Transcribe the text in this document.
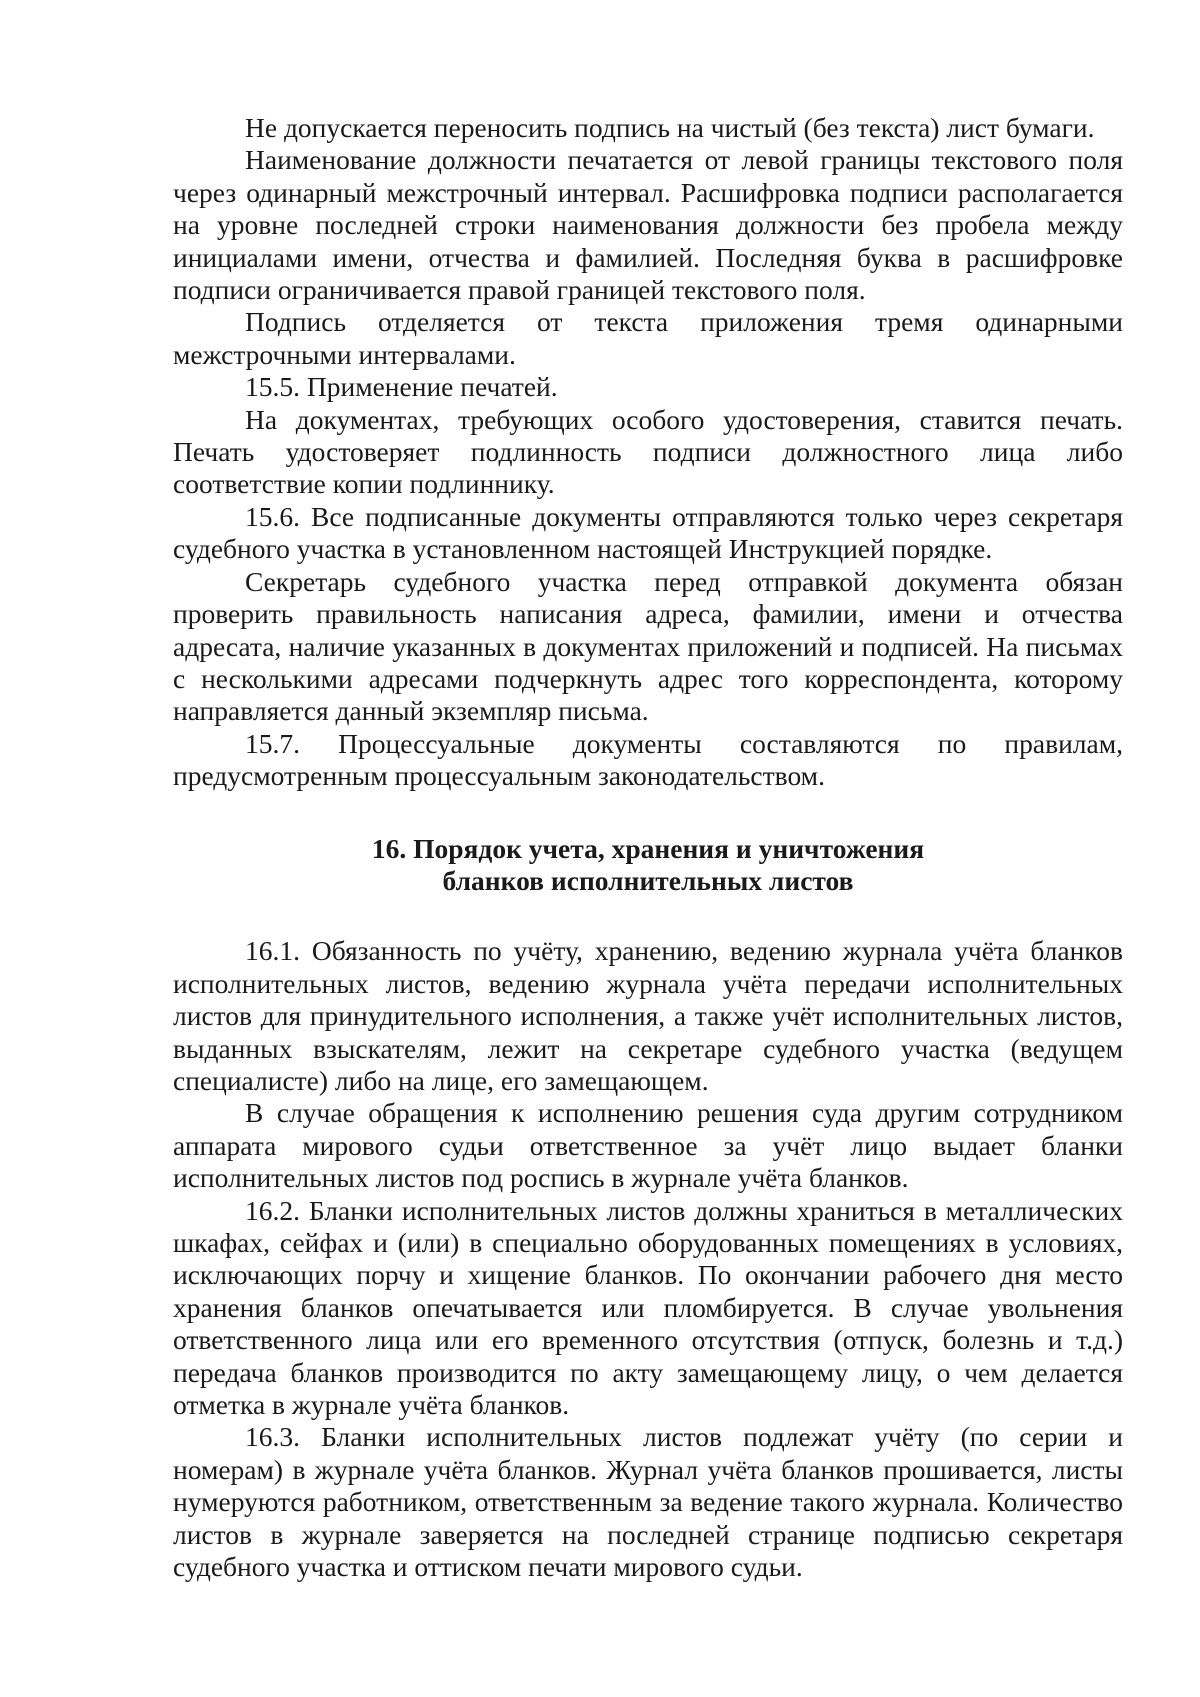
Не допускается переносить подпись на чистый (без текста) лист бумаги.

Наименование должности печатается от левой границы текстового поля через одинарный межстрочный интервал. Расшифровка подписи располагается на уровне последней строки наименования должности без пробела между инициалами имени, отчества и фамилией. Последняя буква в расшифровке подписи ограничивается правой границей текстового поля.

Подпись отделяется от текста приложения тремя одинарными межстрочными интервалами.

15.5. Применение печатей.

На документах, требующих особого удостоверения, ставится печать. Печать удостоверяет подлинность подписи должностного лица либо соответствие копии подлиннику.

15.6. Все подписанные документы отправляются только через секретаря судебного участка в установленном настоящей Инструкцией порядке.

Секретарь судебного участка перед отправкой документа обязан проверить правильность написания адреса, фамилии, имени и отчества адресата, наличие указанных в документах приложений и подписей. На письмах с несколькими адресами подчеркнуть адрес того корреспондента, которому направляется данный экземпляр письма.

15.7. Процессуальные документы составляются по правилам, предусмотренным процессуальным законодательством.

16. Порядок учета, хранения и уничтожения
бланков исполнительных листов

16.1. Обязанность по учёту, хранению, ведению журнала учёта бланков исполнительных листов, ведению журнала учёта передачи исполнительных листов для принудительного исполнения, а также учёт исполнительных листов, выданных взыскателям, лежит на секретаре судебного участка (ведущем специалисте) либо на лице, его замещающем.

В случае обращения к исполнению решения суда другим сотрудником аппарата мирового судьи ответственное за учёт лицо выдает бланки исполнительных листов под роспись в журнале учёта бланков.

16.2. Бланки исполнительных листов должны храниться в металлических шкафах, сейфах и (или) в специально оборудованных помещениях в условиях, исключающих порчу и хищение бланков. По окончании рабочего дня место хранения бланков опечатывается или пломбируется. В случае увольнения ответственного лица или его временного отсутствия (отпуск, болезнь и т.д.) передача бланков производится по акту замещающему лицу, о чем делается отметка в журнале учёта бланков.

16.3. Бланки исполнительных листов подлежат учёту (по серии и номерам) в журнале учёта бланков. Журнал учёта бланков прошивается, листы нумеруются работником, ответственным за ведение такого журнала. Количество листов в журнале заверяется на последней странице подписью секретаря судебного участка и оттиском печати мирового судьи.
